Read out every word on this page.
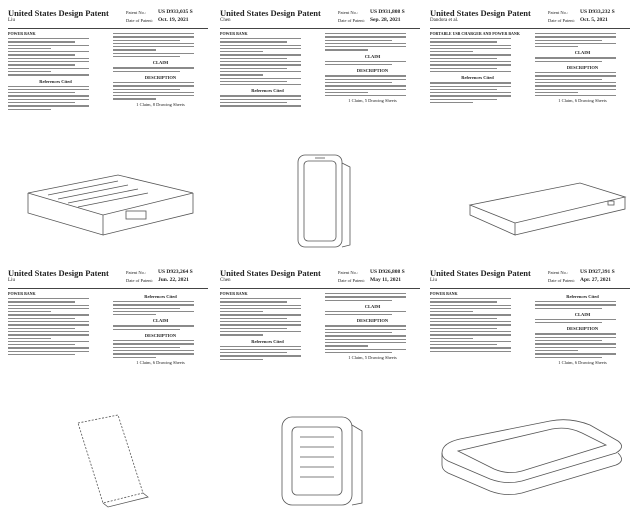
United States Design Patent
Liu
Patent No.:
Date of Patent:
US D933,035 S
Oct. 19, 2021
POWER BANK
References Cited
CLAIM
DESCRIPTION
1 Claim, 8 Drawing Sheets
United States Design Patent
Chen
Patent No.:
Date of Patent:
US D931,808 S
Sep. 28, 2021
POWER BANK
References Cited
CLAIM
DESCRIPTION
1 Claim, 5 Drawing Sheets
United States Design Patent
Dandora et al.
Patent No.:
Date of Patent:
US D933,232 S
Oct. 5, 2021
PORTABLE USB CHARGER AND POWER BANK
References Cited
CLAIM
DESCRIPTION
1 Claim, 6 Drawing Sheets
United States Design Patent
Liu
Patent No.:
Date of Patent:
US D923,264 S
Jun. 22, 2021
POWER BANK
References Cited
CLAIM
DESCRIPTION
1 Claim, 6 Drawing Sheets
United States Design Patent
Chen
Patent No.:
Date of Patent:
US D926,808 S
May 11, 2021
POWER BANK
References Cited
CLAIM
DESCRIPTION
1 Claim, 5 Drawing Sheets
United States Design Patent
Liu
Patent No.:
Date of Patent:
US D927,391 S
Apr. 27, 2021
POWER BANK
References Cited
CLAIM
DESCRIPTION
1 Claim, 6 Drawing Sheets
